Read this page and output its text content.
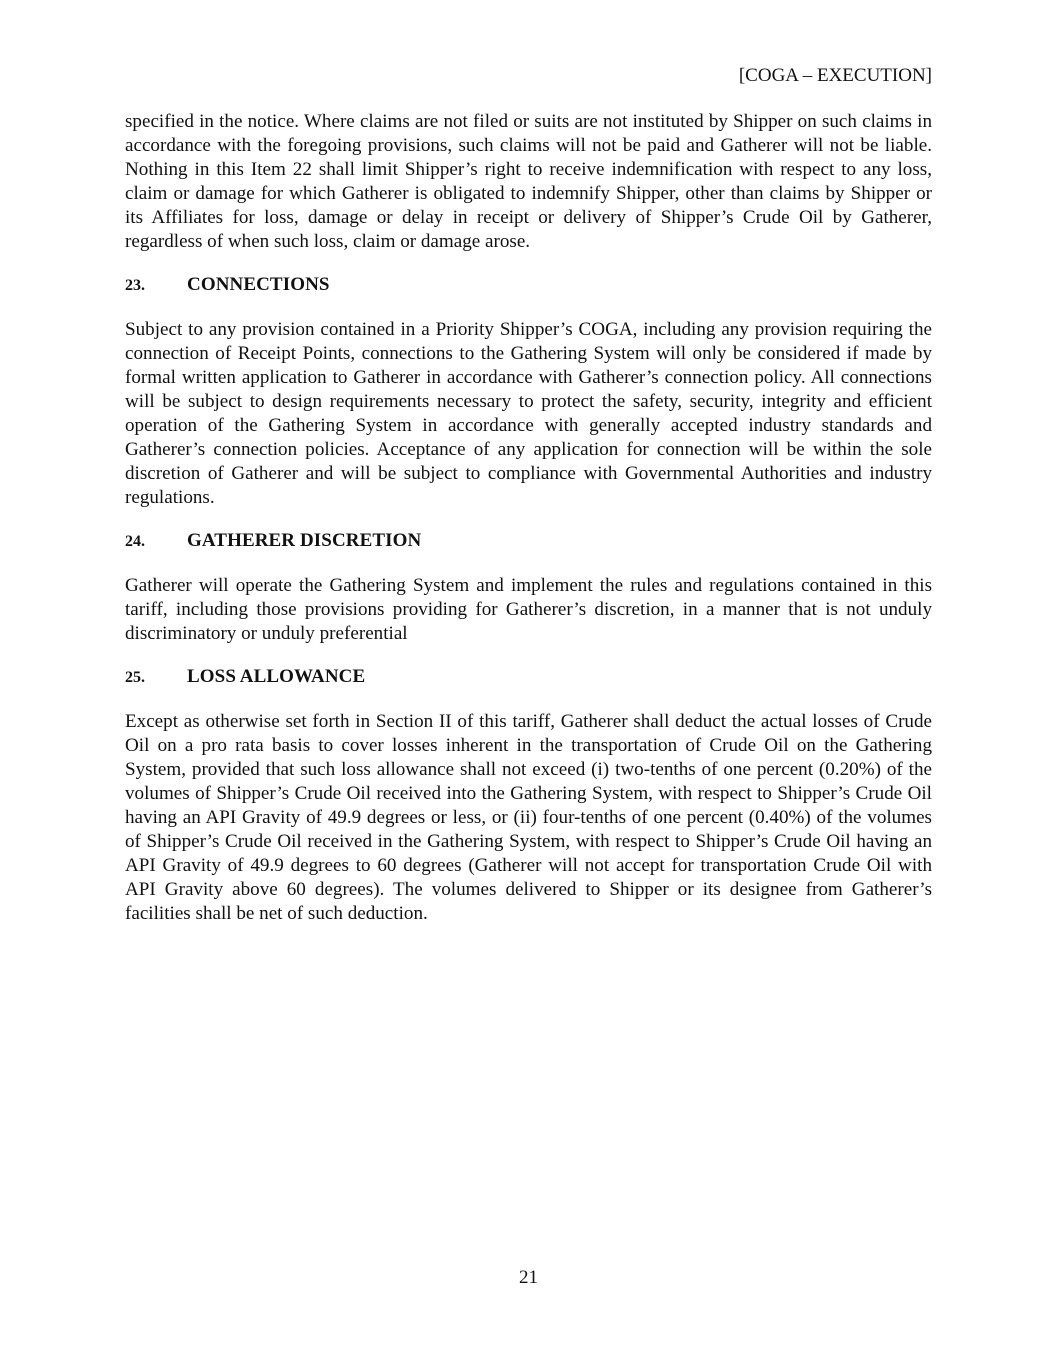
[COGA – EXECUTION]

specified in the notice. Where claims are not filed or suits are not instituted by Shipper on such claims in accordance with the foregoing provisions, such claims will not be paid and Gatherer will not be liable. Nothing in this Item 22 shall limit Shipper’s right to receive indemnification with respect to any loss, claim or damage for which Gatherer is obligated to indemnify Shipper, other than claims by Shipper or its Affiliates for loss, damage or delay in receipt or delivery of Shipper’s Crude Oil by Gatherer, regardless of when such loss, claim or damage arose.

23.	CONNECTIONS

Subject to any provision contained in a Priority Shipper’s COGA, including any provision requiring the connection of Receipt Points, connections to the Gathering System will only be considered if made by formal written application to Gatherer in accordance with Gatherer’s connection policy. All connections will be subject to design requirements necessary to protect the safety, security, integrity and efficient operation of the Gathering System in accordance with generally accepted industry standards and Gatherer’s connection policies. Acceptance of any application for connection will be within the sole discretion of Gatherer and will be subject to compliance with Governmental Authorities and industry regulations.

24.	GATHERER DISCRETION

Gatherer will operate the Gathering System and implement the rules and regulations contained in this tariff, including those provisions providing for Gatherer’s discretion, in a manner that is not unduly discriminatory or unduly preferential

25.	LOSS ALLOWANCE

Except as otherwise set forth in Section II of this tariff, Gatherer shall deduct the actual losses of Crude Oil on a pro rata basis to cover losses inherent in the transportation of Crude Oil on the Gathering System, provided that such loss allowance shall not exceed (i) two-tenths of one percent (0.20%) of the volumes of Shipper’s Crude Oil received into the Gathering System, with respect to Shipper’s Crude Oil having an API Gravity of 49.9 degrees or less, or (ii) four-tenths of one percent (0.40%) of the volumes of Shipper’s Crude Oil received in the Gathering System, with respect to Shipper’s Crude Oil having an API Gravity of 49.9 degrees to 60 degrees (Gatherer will not accept for transportation Crude Oil with API Gravity above 60 degrees). The volumes delivered to Shipper or its designee from Gatherer’s facilities shall be net of such deduction.

21
